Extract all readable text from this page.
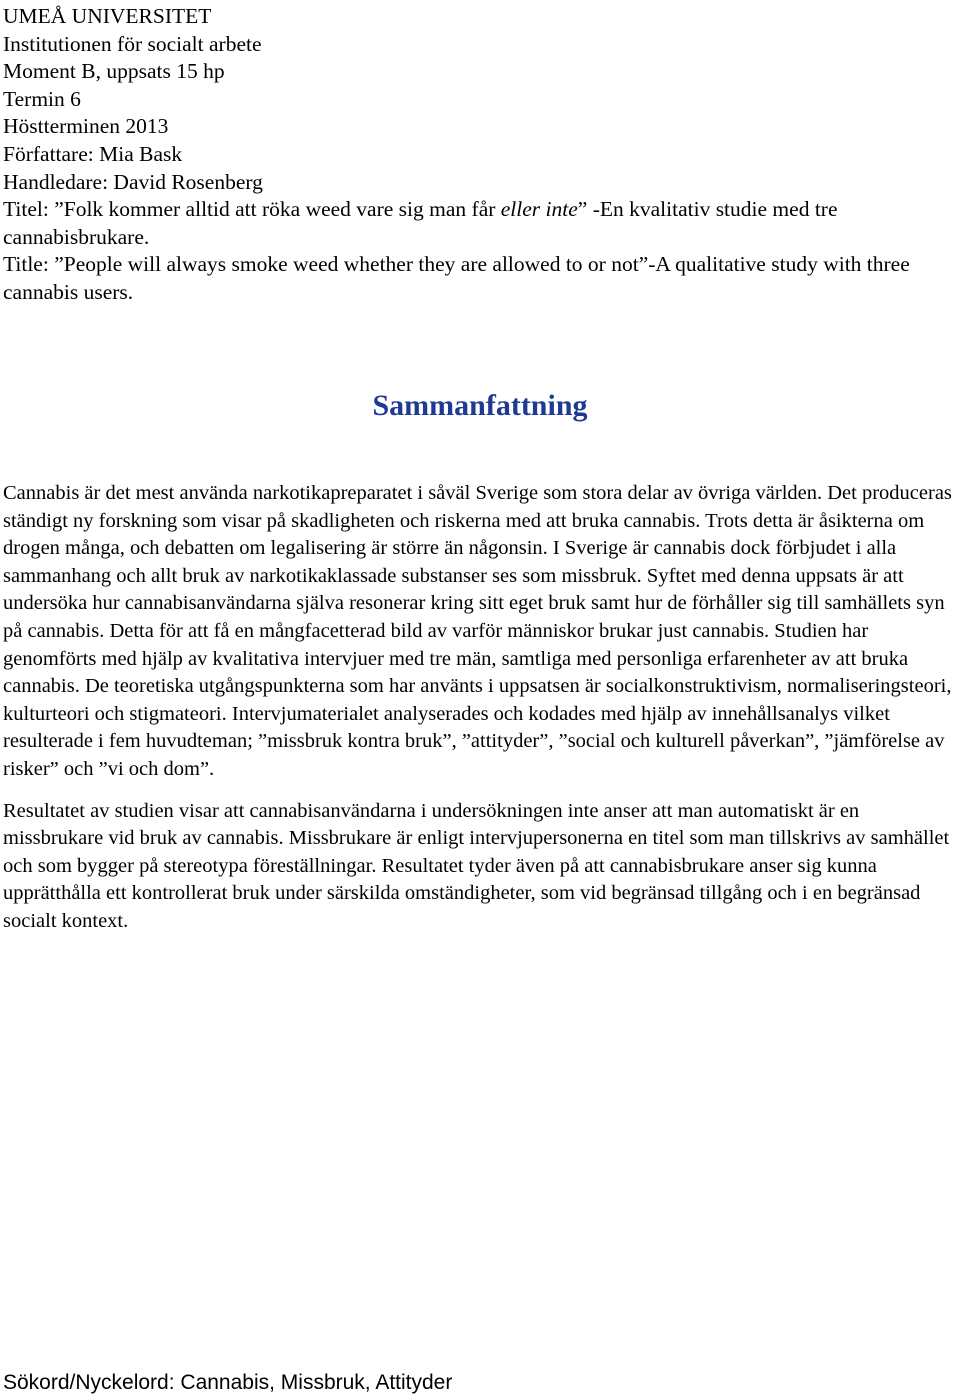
UMEÅ UNIVERSITET
Institutionen för socialt arbete
Moment B, uppsats 15 hp
Termin 6
Höstterminen 2013
Författare: Mia Bask
Handledare: David Rosenberg
Titel: ”Folk kommer alltid att röka weed vare sig man får eller inte” -En kvalitativ studie med tre cannabisbrukare.
Title: ”People will always smoke weed whether they are allowed to or not”-A qualitative study with three cannabis users.
Sammanfattning

Cannabis är det mest använda narkotikapreparatet i såväl Sverige som stora delar av övriga världen. Det produceras ständigt ny forskning som visar på skadligheten och riskerna med att bruka cannabis. Trots detta är åsikterna om drogen många, och debatten om legalisering är större än någonsin. I Sverige är cannabis dock förbjudet i alla sammanhang och allt bruk av narkotikaklassade substanser ses som missbruk. Syftet med denna uppsats är att undersöka hur cannabisanvändarna själva resonerar kring sitt eget bruk samt hur de förhåller sig till samhällets syn på cannabis. Detta för att få en mångfacetterad bild av varför människor brukar just cannabis. Studien har genomförts med hjälp av kvalitativa intervjuer med tre män, samtliga med personliga erfarenheter av att bruka cannabis. De teoretiska utgångspunkterna som har använts i uppsatsen är socialkonstruktivism, normaliseringsteori, kulturteori och stigmateori. Intervjumaterialet analyserades och kodades med hjälp av innehållsanalys vilket resulterade i fem huvudteman; ”missbruk kontra bruk”, ”attityder”, ”social och kulturell påverkan”, ”jämförelse av risker” och ”vi och dom”.

Resultatet av studien visar att cannabisanvändarna i undersökningen inte anser att man automatiskt är en missbrukare vid bruk av cannabis. Missbrukare är enligt intervjupersonerna en titel som man tillskrivs av samhället och som bygger på stereotypa föreställningar. Resultatet tyder även på att cannabisbrukare anser sig kunna upprätthålla ett kontrollerat bruk under särskilda omständigheter, som vid begränsad tillgång och i en begränsad socialt kontext.

Sökord/Nyckelord: Cannabis, Missbruk, Attityder
